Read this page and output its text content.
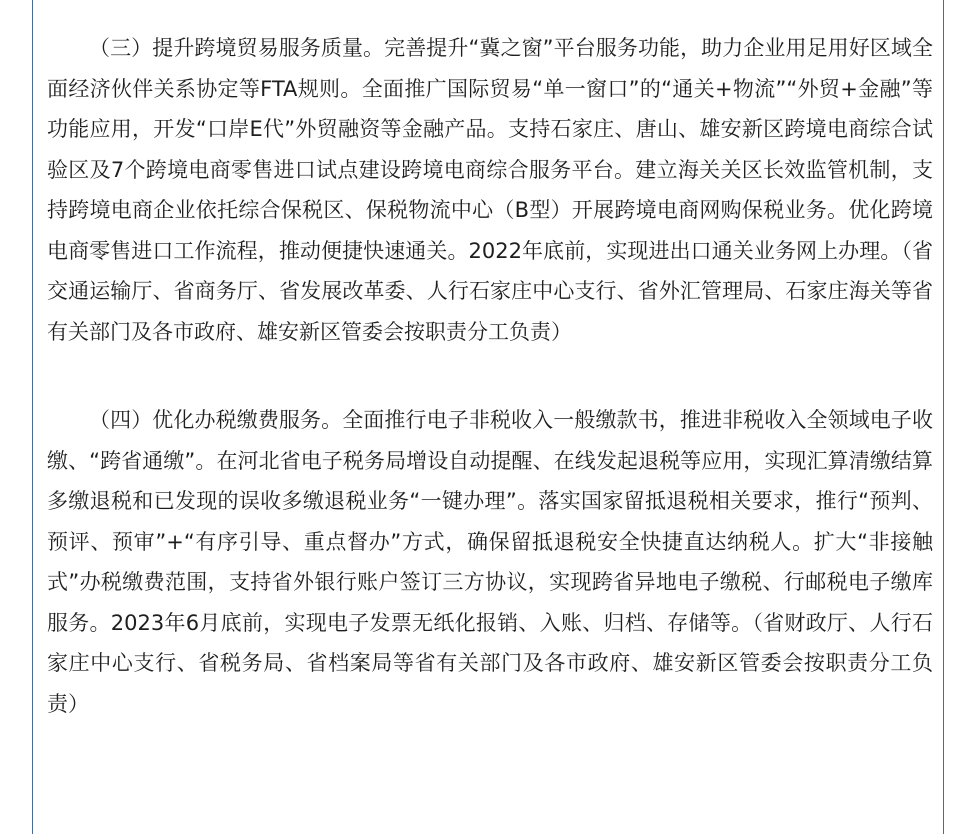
（三）提升跨境贸易服务质量。完善提升“冀之窗”平台服务功能，助力企业用足用好区域全面经济伙伴关系协定等FTA规则。全面推广国际贸易“单一窗口”的“通关+物流”“外贸+金融”等功能应用，开发“口岸E代”外贸融资等金融产品。支持石家庄、唐山、雄安新区跨境电商综合试验区及7个跨境电商零售进口试点建设跨境电商综合服务平台。建立海关关区长效监管机制，支持跨境电商企业依托综合保税区、保税物流中心（B型）开展跨境电商网购保税业务。优化跨境电商零售进口工作流程，推动便捷快速通关。2022年底前，实现进出口通关业务网上办理。（省交通运输厅、省商务厅、省发展改革委、人行石家庄中心支行、省外汇管理局、石家庄海关等省有关部门及各市政府、雄安新区管委会按职责分工负责）

（四）优化办税缴费服务。全面推行电子非税收入一般缴款书，推进非税收入全领域电子收缴、“跨省通缴”。在河北省电子税务局增设自动提醒、在线发起退税等应用，实现汇算清缴结算多缴退税和已发现的误收多缴退税业务“一键办理”。落实国家留抵退税相关要求，推行“预判、预评、预审”+“有序引导、重点督办”方式，确保留抵退税安全快捷直达纳税人。扩大“非接触式”办税缴费范围，支持省外银行账户签订三方协议，实现跨省异地电子缴税、行邮税电子缴库服务。2023年6月底前，实现电子发票无纸化报销、入账、归档、存储等。（省财政厅、人行石家庄中心支行、省税务局、省档案局等省有关部门及各市政府、雄安新区管委会按职责分工负责）
